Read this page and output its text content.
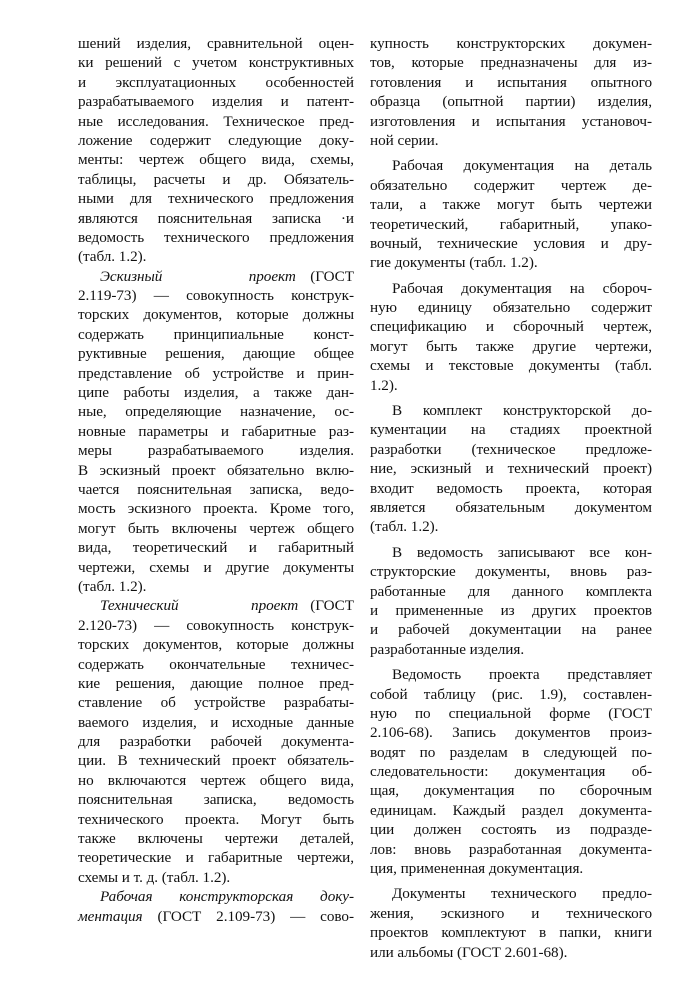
шений изделия, сравнительной оцен-
ки решений с учетом конструктивных
и эксплуатационных особенностей
разрабатываемого изделия и патент-
ные исследования. Техническое пред-
ложение содержит следующие доку-
менты: чертеж общего вида, схемы,
таблицы, расчеты и др. Обязатель-
ными для технического предложения
являются пояснительная записка ·и
ведомость технического предложения
(табл. 1.2).
Эскизный      проект (ГОСТ
2.119-73) — совокупность конструк-
торских документов, которые должны
содержать принципиальные конст-
руктивные решения, дающие общее
представление об устройстве и прин-
ципе работы изделия, а также дан-
ные, определяющие назначение, ос-
новные параметры и габаритные раз-
меры разрабатываемого изделия.
В эскизный проект обязательно вклю-
чается пояснительная записка, ведо-
мость эскизного проекта. Кроме того,
могут быть включены чертеж общего
вида, теоретический и габаритный
чертежи, схемы и другие документы
(табл. 1.2).
Технический      проект (ГОСТ
2.120-73) — совокупность конструк-
торских документов, которые должны
содержать окончательные техничес-
кие решения, дающие полное пред-
ставление об устройстве разрабаты-
ваемого изделия, и исходные данные
для разработки рабочей документа-
ции. В технический проект обязатель-
но включаются чертеж общего вида,
пояснительная записка, ведомость
технического проекта. Могут быть
также включены чертежи деталей,
теоретические и габаритные чертежи,
схемы и т. д. (табл. 1.2).
Рабочая конструкторская доку-
ментация (ГОСТ 2.109-73) — сово-
купность конструкторских докумен-
тов, которые предназначены для из-
готовления и испытания опытного
образца (опытной партии) изделия,
изготовления и испытания установоч-
ной серии.
Рабочая документация на деталь
обязательно содержит чертеж де-
тали, а также могут быть чертежи
теоретический, габаритный, упако-
вочный, технические условия и дру-
гие документы (табл. 1.2).
Рабочая документация на сбороч-
ную единицу обязательно содержит
спецификацию и сборочный чертеж,
могут быть также другие чертежи,
схемы и текстовые документы (табл.
1.2).
В комплект конструкторской до-
кументации на стадиях проектной
разработки (техническое предложе-
ние, эскизный и технический проект)
входит ведомость проекта, которая
является обязательным документом
(табл. 1.2).
В ведомость записывают все кон-
структорские документы, вновь раз-
работанные для данного комплекта
и примененные из других проектов
и рабочей документации на ранее
разработанные изделия.
Ведомость проекта представляет
собой таблицу (рис. 1.9), составлен-
ную по специальной форме (ГОСТ
2.106-68). Запись документов произ-
водят по разделам в следующей по-
следовательности: документация об-
щая, документация по сборочным
единицам. Каждый раздел документа-
ции должен состоять из подразде-
лов: вновь разработанная документа-
ция, примененная документация.
Документы технического предло-
жения, эскизного и технического
проектов комплектуют в папки, книги
или альбомы (ГОСТ 2.601-68).
